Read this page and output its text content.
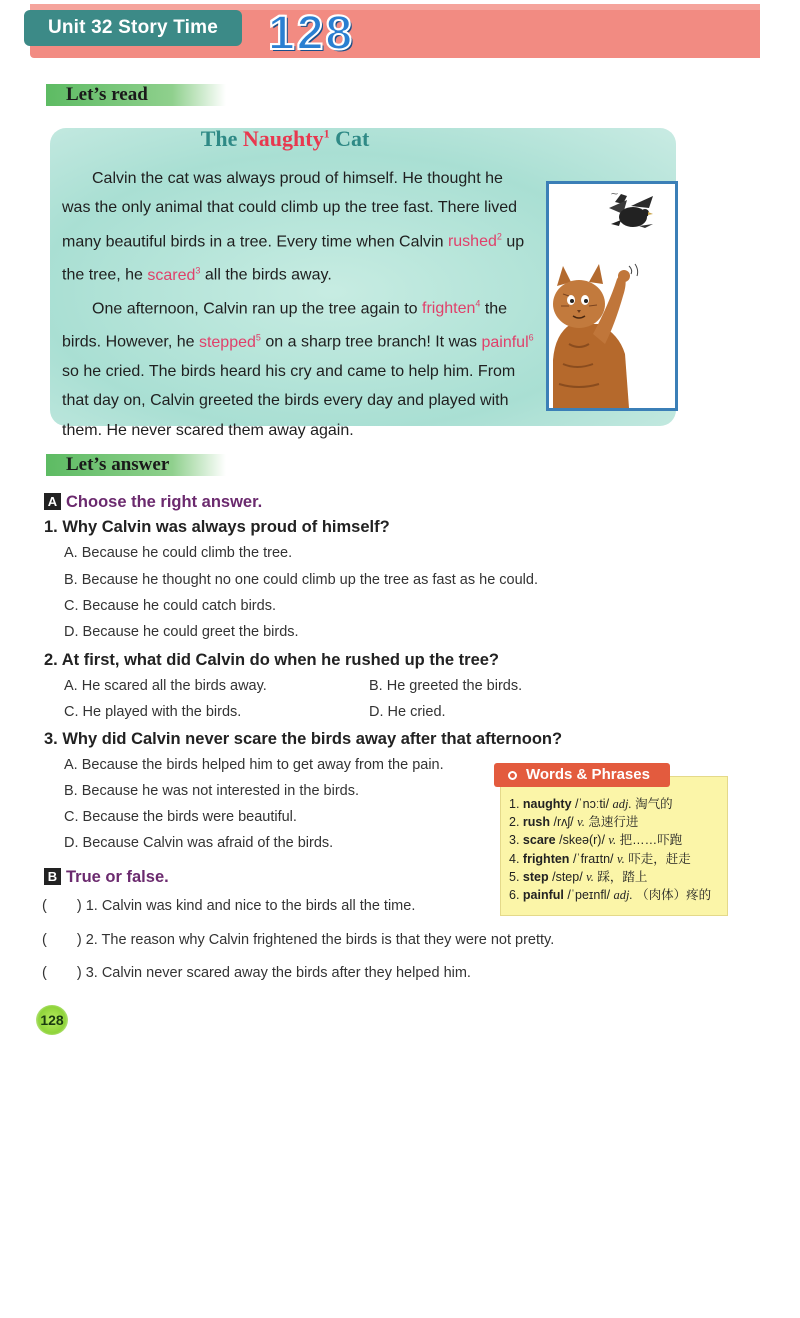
Unit 32 Story Time	128
Let’s read
The Naughty$^1$ Cat

Calvin the cat was always proud of himself. He thought he was the only animal that could climb up the tree fast. There lived many beautiful birds in a tree. Every time when Calvin rushed$^2$ up the tree, he scared$^3$ all the birds away.

One afternoon, Calvin ran up the tree again to frighten$^4$ the birds. However, he stepped$^5$ on a sharp tree branch! It was painful$^6$ so he cried. The birds heard his cry and came to help him. From that day on, Calvin greeted the birds every day and played with them. He never scared them away again.

⁓
Let’s answer
A Choose the right answer.
1. Why Calvin was always proud of himself?
A. Because he could climb the tree.
B. Because he thought no one could climb up the tree as fast as he could.
C. Because he could catch birds.
D. Because he could greet the birds.
2. At first, what did Calvin do when he rushed up the tree?
A. He scared all the birds away.	B. He greeted the birds.
C. He played with the birds.	D. He cried.
3. Why did Calvin never scare the birds away after that afternoon?
A. Because the birds helped him to get away from the pain.
B. Because he was not interested in the birds.
C. Because the birds were beautiful.
D. Because Calvin was afraid of the birds.
Words & Phrases
1. naughty /ˈnɔːti/ adj. 淘气的
2. rush /rʌʃ/ v. 急速行进
3. scare /skeə(r)/ v. 把……吓跑
4. frighten /ˈfraɪtn/ v. 吓走，赶走
5. step /step/ v. 踩，踏上
6. painful /ˈpeɪnfl/ adj. （肉体）疼的
B True or false.
( ) 1. Calvin was kind and nice to the birds all the time.
( ) 2. The reason why Calvin frightened the birds is that they were not pretty.
( ) 3. Calvin never scared away the birds after they helped him.
128
